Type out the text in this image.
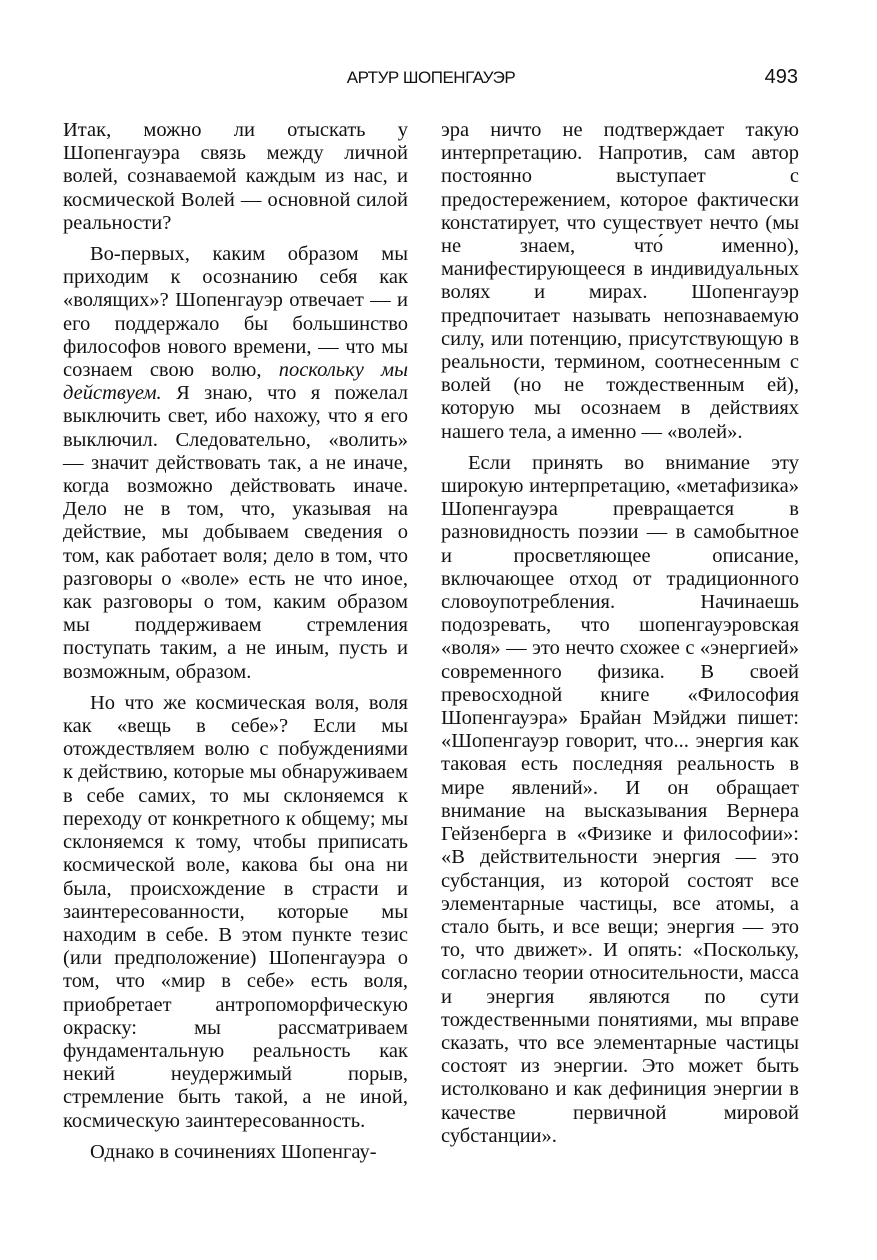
АРТУР ШОПЕНГАУЭР	493

Итак, можно ли отыскать у Шопенгауэра связь между личной волей, сознаваемой каждым из нас, и космической Волей — основной силой реальности?

Во-первых, каким образом мы приходим к осознанию себя как «волящих»? Шопенгауэр отвечает — и его поддержало бы большинство философов нового времени, — что мы сознаем свою волю, поскольку мы действуем. Я знаю, что я пожелал выключить свет, ибо нахожу, что я его выключил. Следовательно, «волить» — значит действовать так, а не иначе, когда возможно действовать иначе. Дело не в том, что, указывая на действие, мы добываем сведения о том, как работает воля; дело в том, что разговоры о «воле» есть не что иное, как разговоры о том, каким образом мы поддерживаем стремления поступать таким, а не иным, пусть и возможным, образом.

Но что же космическая воля, воля как «вещь в себе»? Если мы отождествляем волю с побуждениями к действию, которые мы обнаруживаем в себе самих, то мы склоняемся к переходу от конкретного к общему; мы склоняемся к тому, чтобы приписать космической воле, какова бы она ни была, происхождение в страсти и заинтересованности, которые мы находим в себе. В этом пункте тезис (или предположение) Шопенгауэра о том, что «мир в себе» есть воля, приобретает антропоморфическую окраску: мы рассматриваем фундаментальную реальность как некий неудержимый порыв, стремление быть такой, а не иной, космическую заинтересованность.

Однако в сочинениях Шопенгау-

эра ничто не подтверждает такую интерпретацию. Напротив, сам автор постоянно выступает с предостережением, которое фактически констатирует, что существует нечто (мы не знаем, что́ именно), манифестирующееся в индивидуальных волях и мирах. Шопенгауэр предпочитает называть непознаваемую силу, или потенцию, присутствующую в реальности, термином, соотнесенным с волей (но не тождественным ей), которую мы осознаем в действиях нашего тела, а именно — «волей».

Если принять во внимание эту широкую интерпретацию, «метафизика» Шопенгауэра превращается в разновидность поэзии — в самобытное и просветляющее описание, включающее отход от традиционного словоупотребления. Начинаешь подозревать, что шопенгауэровская «воля» — это нечто схожее с «энергией» современного физика. В своей превосходной книге «Философия Шопенгауэра» Брайан Мэйджи пишет: «Шопенгауэр говорит, что... энергия как таковая есть последняя реальность в мире явлений». И он обращает внимание на высказывания Вернера Гейзенберга в «Физике и философии»: «В действительности энергия — это субстанция, из которой состоят все элементарные частицы, все атомы, а стало быть, и все вещи; энергия — это то, что движет». И опять: «Поскольку, согласно теории относительности, масса и энергия являются по сути тождественными понятиями, мы вправе сказать, что все элементарные частицы состоят из энергии. Это может быть истолковано и как дефиниция энергии в качестве первичной мировой субстанции».
